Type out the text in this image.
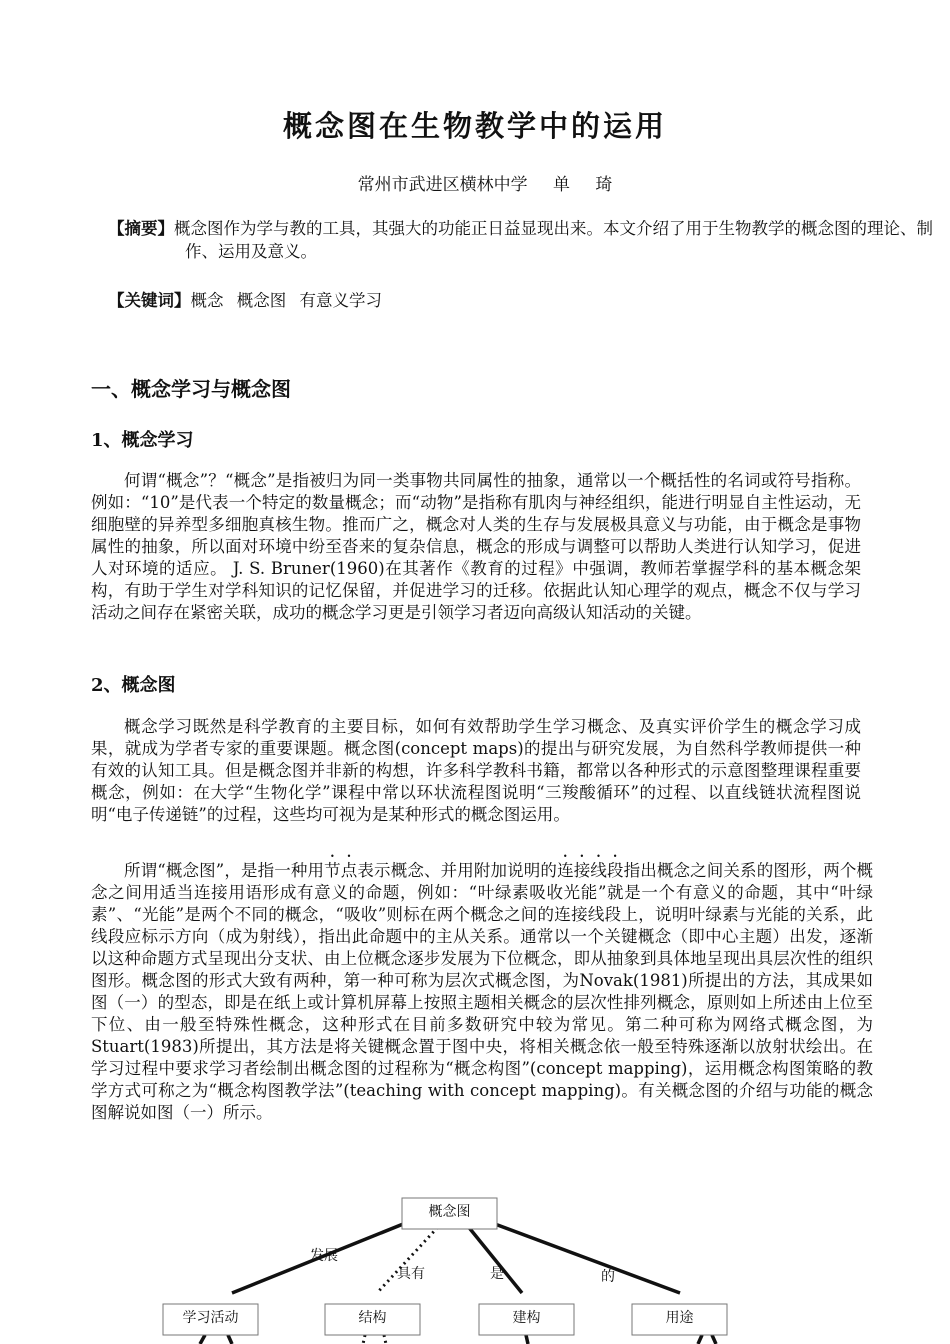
概念图在生物教学中的运用
常州市武进区横林中学 单 琦
【摘要】概念图作为学与教的工具，其强大的功能正日益显现出来。本文介绍了用于生物教学的概念图的理论、制作、运用及意义。
【关键词】概念 概念图 有意义学习
一、概念学习与概念图
1、概念学习

何谓“概念”？“概念”是指被归为同一类事物共同属性的抽象，通常以一个概括性的名词或符号指称。例如：“10”是代表一个特定的数量概念；而“动物”是指称有肌肉与神经组织，能进行明显自主性运动，无细胞壁的异养型多细胞真核生物。推而广之，概念对人类的生存与发展极具意义与功能，由于概念是事物属性的抽象，所以面对环境中纷至沓来的复杂信息，概念的形成与调整可以帮助人类进行认知学习，促进人对环境的适应。 J. S. Bruner(1960)在其著作《教育的过程》中强调，教师若掌握学科的基本概念架构，有助于学生对学科知识的记忆保留，并促进学习的迁移。依据此认知心理学的观点，概念不仅与学习活动之间存在紧密关联，成功的概念学习更是引领学习者迈向高级认知活动的关键。

2、概念图

概念学习既然是科学教育的主要目标，如何有效帮助学生学习概念、及真实评价学生的概念学习成果，就成为学者专家的重要课题。概念图(concept maps)的提出与研究发展，为自然科学教师提供一种有效的认知工具。但是概念图并非新的构想，许多科学教科书籍，都常以各种形式的示意图整理课程重要概念，例如：在大学“生物化学”课程中常以环状流程图说明“三羧酸循环”的过程、以直线链状流程图说明“电子传递链”的过程，这些均可视为是某种形式的概念图运用。

所谓“概念图”，是指一种用节点表示概念、并用附加说明的连接线段指出概念之间关系的图形，两个概念之间用适当连接用语形成有意义的命题，例如：“叶绿素吸收光能”就是一个有意义的命题，其中“叶绿素”、“光能”是两个不同的概念，“吸收”则标在两个概念之间的连接线段上，说明叶绿素与光能的关系，此线段应标示方向（成为射线），指出此命题中的主从关系。通常以一个关键概念（即中心主题）出发，逐渐以这种命题方式呈现出分支状、由上位概念逐步发展为下位概念，即从抽象到具体地呈现出具层次性的组织图形。概念图的形式大致有两种，第一种可称为层次式概念图，为Novak(1981)所提出的方法，其成果如图（一）的型态，即是在纸上或计算机屏幕上按照主题相关概念的层次性排列概念，原则如上所述由上位至下位、由一般至特殊性概念，这种形式在目前多数研究中较为常见。第二种可称为网络式概念图，为Stuart(1983)所提出，其方法是将关键概念置于图中央，将相关概念依一般至特殊逐渐以放射状绘出。在学习过程中要求学习者绘制出概念图的过程称为“概念构图”(concept mapping)，运用概念构图策略的教学方式可称之为“概念构图教学法”(teaching with concept mapping)。有关概念图的介绍与功能的概念图解说如图（一）所示。

发展
具有	是	的
概念图
学习活动	结构	建构	用途
